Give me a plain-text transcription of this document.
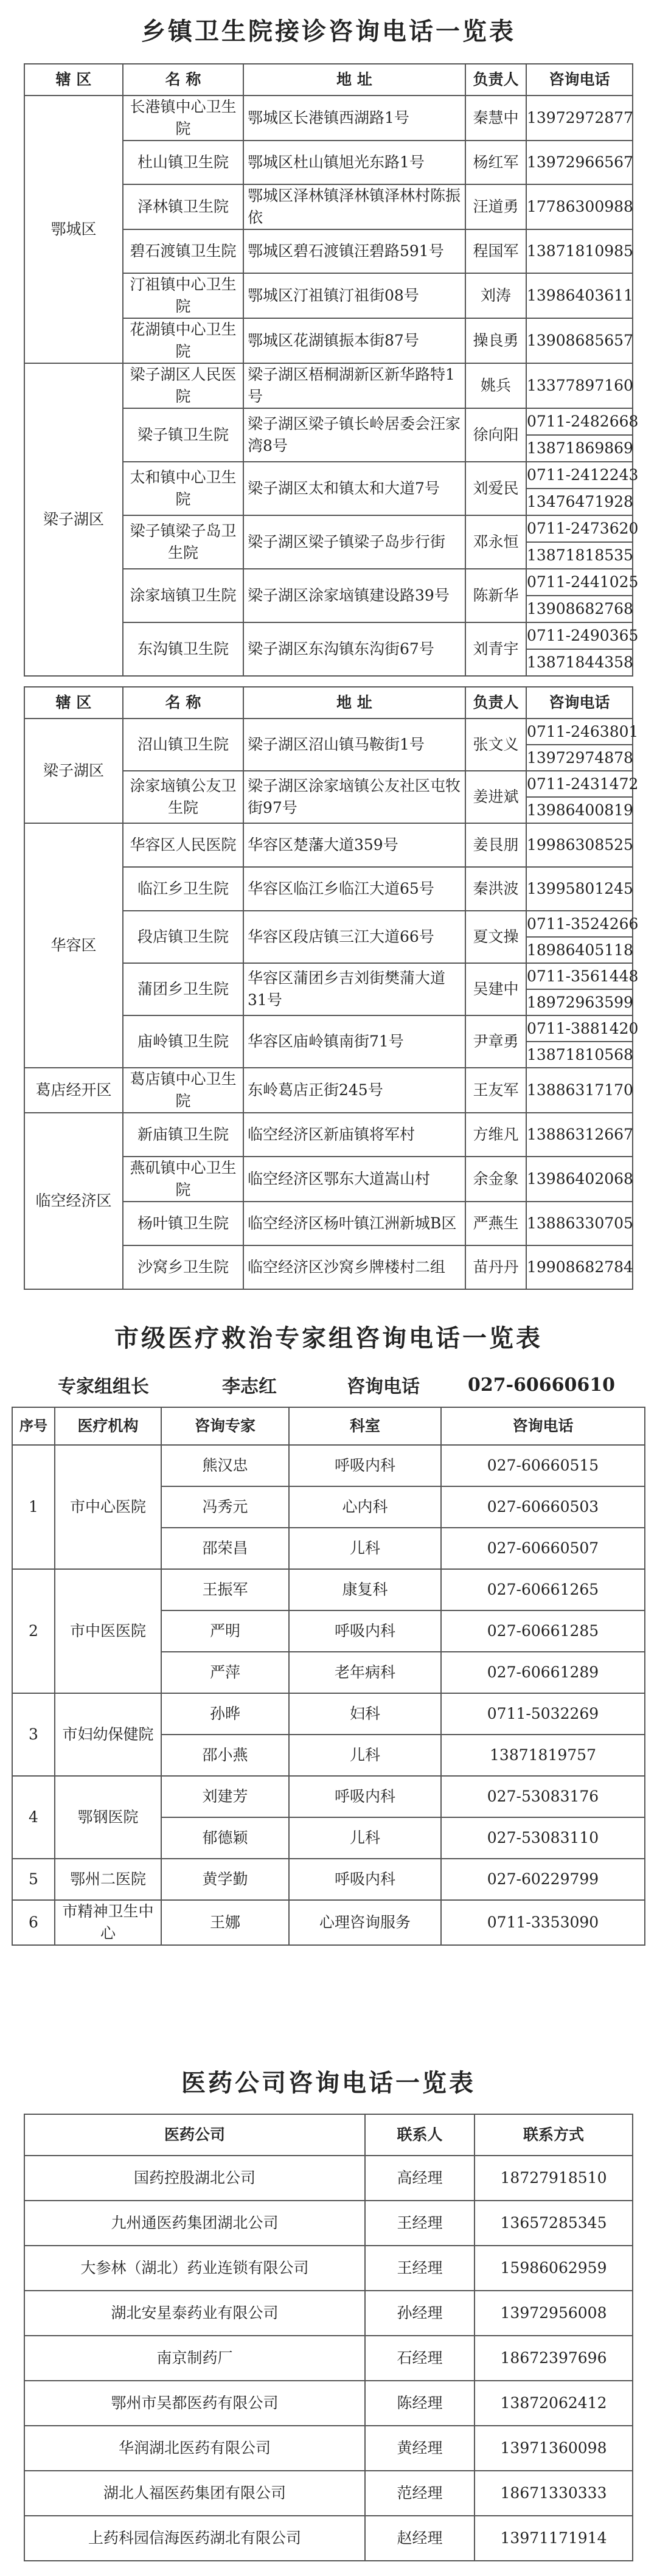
乡镇卫生院接诊咨询电话一览表
辖 区	名 称	地 址	负责人	咨询电话
鄂城区	长港镇中心卫生院	鄂城区长港镇西湖路1号	秦慧中	13972972877

	杜山镇卫生院	鄂城区杜山镇旭光东路1号	杨红军	13972966567

	泽林镇卫生院	鄂城区泽林镇泽林镇泽林村陈振依	汪道勇	17786300988

	碧石渡镇卫生院	鄂城区碧石渡镇汪碧路591号	程国军	13871810985

	汀祖镇中心卫生院	鄂城区汀祖镇汀祖街08号	刘涛	13986403611

	花湖镇中心卫生院	鄂城区花湖镇振本街87号	操良勇	13908685657

梁子湖区	梁子湖区人民医院	梁子湖区梧桐湖新区新华路特1号	姚兵	13377897160

	梁子镇卫生院	梁子湖区梁子镇长岭居委会汪家湾8号	徐向阳	0711-2482668
13871869869

	太和镇中心卫生院	梁子湖区太和镇太和大道7号	刘爱民	0711-2412243
13476471928

	梁子镇梁子岛卫生院	梁子湖区梁子镇梁子岛步行街	邓永恒	0711-2473620
13871818535

	涂家垴镇卫生院	梁子湖区涂家垴镇建设路39号	陈新华	0711-2441025
13908682768

	东沟镇卫生院	梁子湖区东沟镇东沟街67号	刘青宇	0711-2490365
13871844358
辖 区	名 称	地 址	负责人	咨询电话
梁子湖区	沼山镇卫生院	梁子湖区沼山镇马鞍街1号	张文义	0711-2463801
13972974878

	涂家垴镇公友卫生院	梁子湖区涂家垴镇公友社区屯牧街97号	姜进斌	0711-2431472
13986400819

华容区	华容区人民医院	华容区楚藩大道359号	姜艮朋	19986308525

	临江乡卫生院	华容区临江乡临江大道65号	秦洪波	13995801245

	段店镇卫生院	华容区段店镇三江大道66号	夏文操	0711-3524266
18986405118

	蒲团乡卫生院	华容区蒲团乡吉刘街樊蒲大道31号	吴建中	0711-3561448
18972963599

	庙岭镇卫生院	华容区庙岭镇南街71号	尹章勇	0711-3881420
13871810568

葛店经开区	葛店镇中心卫生院	东岭葛店正街245号	王友军	13886317170

临空经济区	新庙镇卫生院	临空经济区新庙镇将军村	方维凡	13886312667

	燕矶镇中心卫生院	临空经济区鄂东大道嵩山村	余金象	13986402068

	杨叶镇卫生院	临空经济区杨叶镇江洲新城B区	严燕生	13886330705

	沙窝乡卫生院	临空经济区沙窝乡牌楼村二组	苗丹丹	19908682784
市级医疗救治专家组咨询电话一览表
专家组组长	李志红	咨询电话	027-60660610
序号	医疗机构	咨询专家	科室	咨询电话
1	市中心医院	熊汉忠	呼吸内科	027-60660515
		冯秀元	心内科	027-60660503
		邵荣昌	儿科	027-60660507
2	市中医医院	王振军	康复科	027-60661265
		严明	呼吸内科	027-60661285
		严萍	老年病科	027-60661289
3	市妇幼保健院	孙晔	妇科	0711-5032269
		邵小燕	儿科	13871819757
4	鄂钢医院	刘建芳	呼吸内科	027-53083176
		郁德颖	儿科	027-53083110
5	鄂州二医院	黄学勤	呼吸内科	027-60229799
6	市精神卫生中心	王娜	心理咨询服务	0711-3353090
医药公司咨询电话一览表
医药公司	联系人	联系方式
国药控股湖北公司	高经理	18727918510
九州通医药集团湖北公司	王经理	13657285345
大参林（湖北）药业连锁有限公司	王经理	15986062959
湖北安星泰药业有限公司	孙经理	13972956008
南京制药厂	石经理	18672397696
鄂州市吴都医药有限公司	陈经理	13872062412
华润湖北医药有限公司	黄经理	13971360098
湖北人福医药集团有限公司	范经理	18671330333
上药科园信海医药湖北有限公司	赵经理	13971171914
